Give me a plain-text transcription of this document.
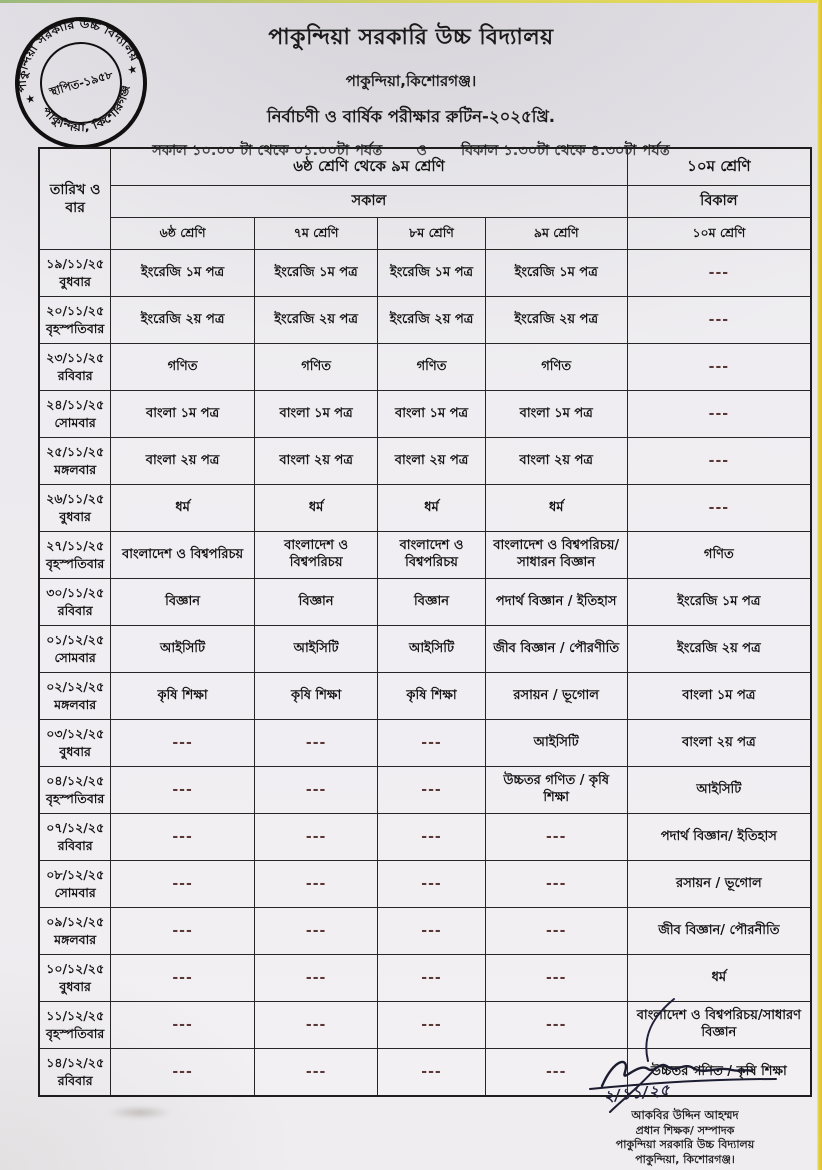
পাকুন্দিয়া সরকারি উচ্চ বিদ্যালয়
পাকুন্দিয়া, কিশোরগঞ্জ
স্থাপিত-১৯৫৮
★
★
পাকুন্দিয়া সরকারি উচ্চ বিদ্যালয়
পাকুন্দিয়া,কিশোরগঞ্জ।
নির্বাচণী ও বার্ষিক পরীক্ষার রুটিন-২০২৫খ্রি.
সকাল ১০.০০ টা থেকে ০১.০০টা পর্যন্ত ও বিকাল ১.৩০টা থেকে ৪.৩০টা পর্যন্ত
তারিখ ও বার	৬ষ্ঠ শ্রেণি থেকে ৯ম শ্রেণি				১০ম শ্রেণি
	সকাল				বিকাল
	৬ষ্ঠ শ্রেণি	৭ম শ্রেণি	৮ম শ্রেণি	৯ম শ্রেণি	১০ম শ্রেণি

১৯/১১/২৫
বুধবার	ইংরেজি ১ম পত্র	ইংরেজি ১ম পত্র	ইংরেজি ১ম পত্র	ইংরেজি ১ম পত্র	---

২০/১১/২৫
বৃহস্পতিবার	ইংরেজি ২য় পত্র	ইংরেজি ২য় পত্র	ইংরেজি ২য় পত্র	ইংরেজি ২য় পত্র	---

২৩/১১/২৫
রবিবার	গণিত	গণিত	গণিত	গণিত	---

২৪/১১/২৫
সোমবার	বাংলা ১ম পত্র	বাংলা ১ম পত্র	বাংলা ১ম পত্র	বাংলা ১ম পত্র	---

২৫/১১/২৫
মঙ্গলবার	বাংলা ২য় পত্র	বাংলা ২য় পত্র	বাংলা ২য় পত্র	বাংলা ২য় পত্র	---

২৬/১১/২৫
বুধবার	ধর্ম	ধর্ম	ধর্ম	ধর্ম	---

২৭/১১/২৫
বৃহস্পতিবার	বাংলাদেশ ও বিশ্বপরিচয়	বাংলাদেশ ও বিশ্বপরিচয়	বাংলাদেশ ও বিশ্বপরিচয়	বাংলাদেশ ও বিশ্বপরিচয়/ সাধারন বিজ্ঞান	গণিত

৩০/১১/২৫
রবিবার	বিজ্ঞান	বিজ্ঞান	বিজ্ঞান	পদার্থ বিজ্ঞান / ইতিহাস	ইংরেজি ১ম পত্র

০১/১২/২৫
সোমবার	আইসিটি	আইসিটি	আইসিটি	জীব বিজ্ঞান / পৌরণীতি	ইংরেজি ২য় পত্র

০২/১২/২৫
মঙ্গলবার	কৃষি শিক্ষা	কৃষি শিক্ষা	কৃষি শিক্ষা	রসায়ন / ভূগোল	বাংলা ১ম পত্র

০৩/১২/২৫
বুধবার	---	---	---	আইসিটি	বাংলা ২য় পত্র

০৪/১২/২৫
বৃহস্পতিবার	---	---	---	উচ্চতর গণিত / কৃষি শিক্ষা	আইসিটি

০৭/১২/২৫
রবিবার	---	---	---	---	পদার্থ বিজ্ঞান/ ইতিহাস

০৮/১২/২৫
সোমবার	---	---	---	---	রসায়ন / ভূগোল

০৯/১২/২৫
মঙ্গলবার	---	---	---	---	জীব বিজ্ঞান/ পৌরনীতি

১০/১২/২৫
বুধবার	---	---	---	---	ধর্ম

১১/১২/২৫
বৃহস্পতিবার	---	---	---	---	বাংলাদেশ ও বিশ্বপরিচয়/সাধারণ বিজ্ঞান

১৪/১২/২৫
রবিবার	---	---	---	---	উচ্চতর গণিত / কৃষি শিক্ষা
২/১১/২৫
আকবির উদ্দিন আহম্মদ
প্রধান শিক্ষক/ সম্পাদক
পাকুন্দিয়া সরকারি উচ্চ বিদ্যালয়
পাকুন্দিয়া, কিশোরগঞ্জ।
